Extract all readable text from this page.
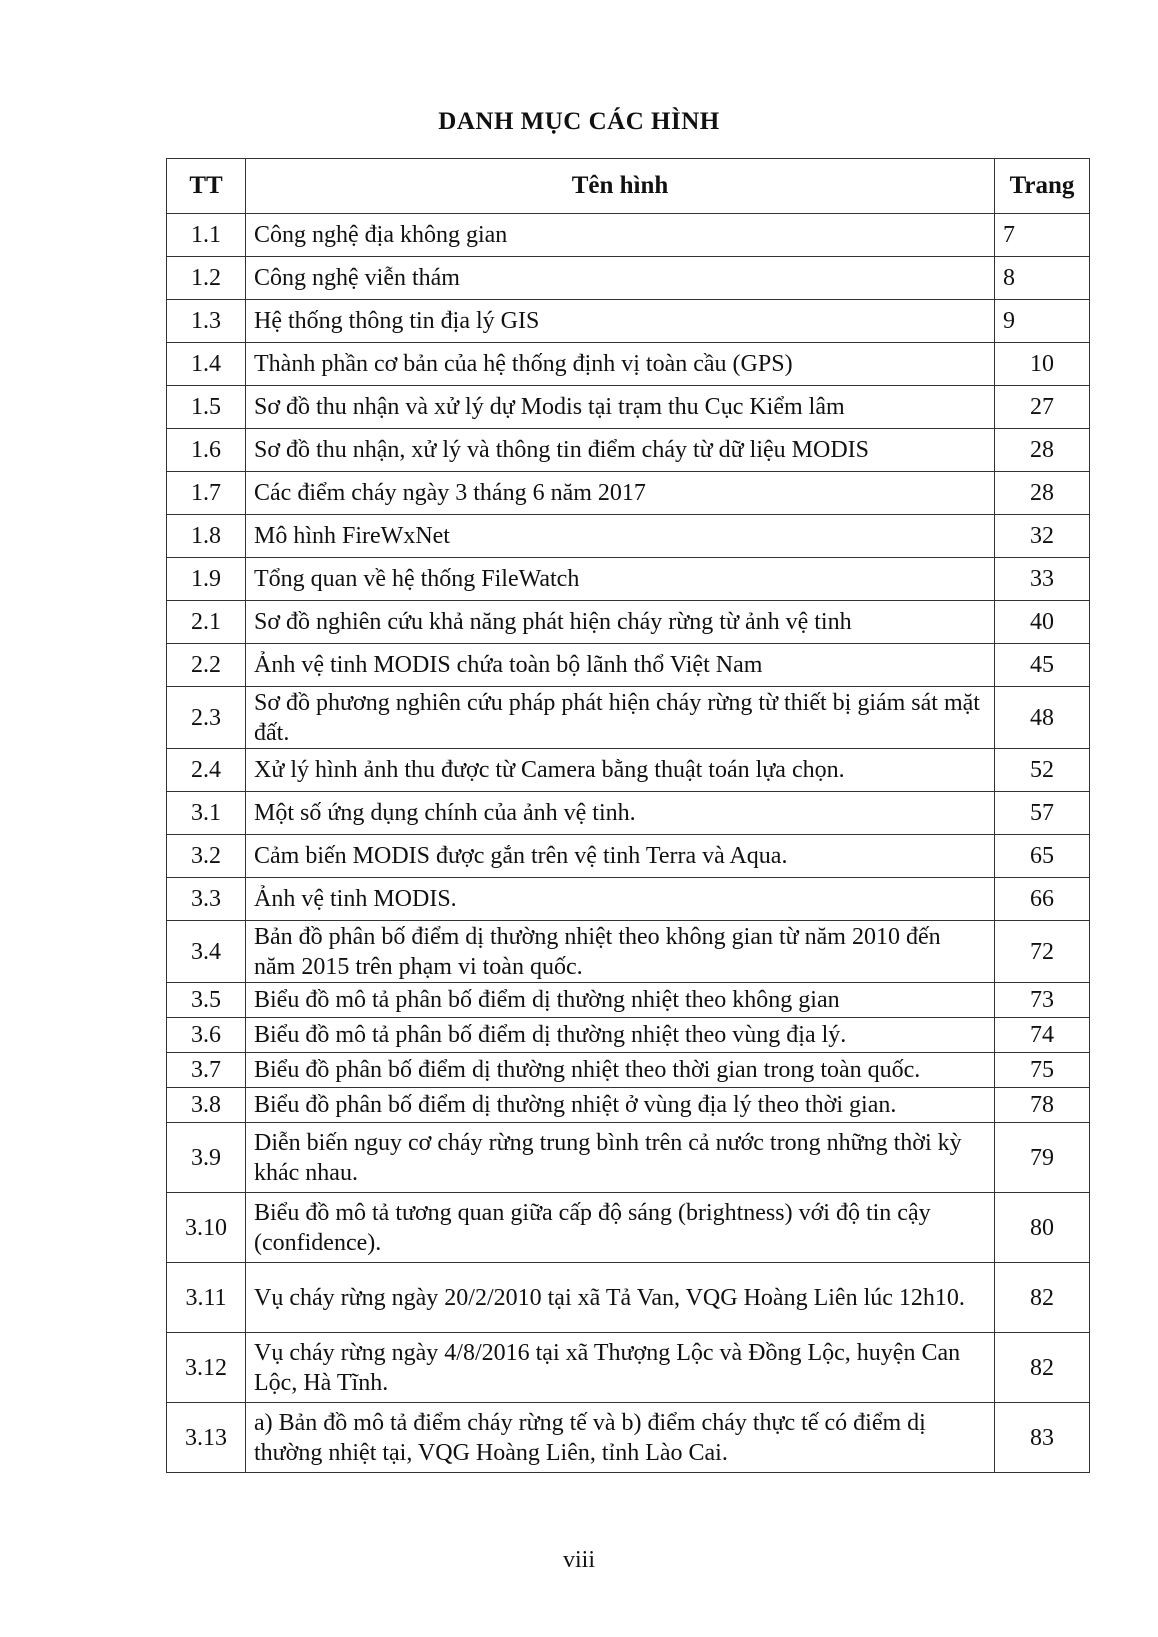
DANH MỤC CÁC HÌNH
TT	Tên hình	Trang
1.1	Công nghệ địa không gian	7
1.2	Công nghệ viễn thám	8
1.3	Hệ thống thông tin địa lý GIS	9
1.4	Thành phần cơ bản của hệ thống định vị toàn cầu (GPS)	10
1.5	Sơ đồ thu nhận và xử lý dự Modis tại trạm thu Cục Kiểm lâm	27
1.6	Sơ đồ thu nhận, xử lý và thông tin điểm cháy từ dữ liệu MODIS	28
1.7	Các điểm cháy ngày 3 tháng 6 năm 2017	28
1.8	Mô hình FireWxNet	32
1.9	Tổng quan về hệ thống FileWatch	33
2.1	Sơ đồ nghiên cứu khả năng phát hiện cháy rừng từ ảnh vệ tinh	40
2.2	Ảnh vệ tinh MODIS chứa toàn bộ lãnh thổ Việt Nam	45
2.3	Sơ đồ phương nghiên cứu pháp phát hiện cháy rừng từ thiết bị giám sát mặt đất.	48
2.4	Xử lý hình ảnh thu được từ Camera bằng thuật toán lựa chọn.	52
3.1	Một số ứng dụng chính của ảnh vệ tinh.	57
3.2	Cảm biến MODIS được gắn trên vệ tinh Terra và Aqua.	65
3.3	Ảnh vệ tinh MODIS.	66
3.4	Bản đồ phân bố điểm dị thường nhiệt theo không gian từ năm 2010 đến năm 2015 trên phạm vi toàn quốc.	72
3.5	Biểu đồ mô tả phân bố điểm dị thường nhiệt theo không gian	73
3.6	Biểu đồ mô tả phân bố điểm dị thường nhiệt theo vùng địa lý.	74
3.7	Biểu đồ phân bố điểm dị thường nhiệt theo thời gian trong toàn quốc.	75
3.8	Biểu đồ phân bố điểm dị thường nhiệt ở vùng địa lý theo thời gian.	78
3.9	Diễn biến nguy cơ cháy rừng trung bình trên cả nước trong những thời kỳ khác nhau.	79
3.10	Biểu đồ mô tả tương quan giữa cấp độ sáng (brightness) với độ tin cậy (confidence).	80
3.11	Vụ cháy rừng ngày 20/2/2010 tại xã Tả Van, VQG Hoàng Liên lúc 12h10.	82
3.12	Vụ cháy rừng ngày 4/8/2016 tại xã Thượng Lộc và Đồng Lộc, huyện Can Lộc, Hà Tĩnh.	82
3.13	a) Bản đồ mô tả điểm cháy rừng tế và b) điểm cháy thực tế có điểm dị thường nhiệt tại, VQG Hoàng Liên, tỉnh Lào Cai.	83
viii
